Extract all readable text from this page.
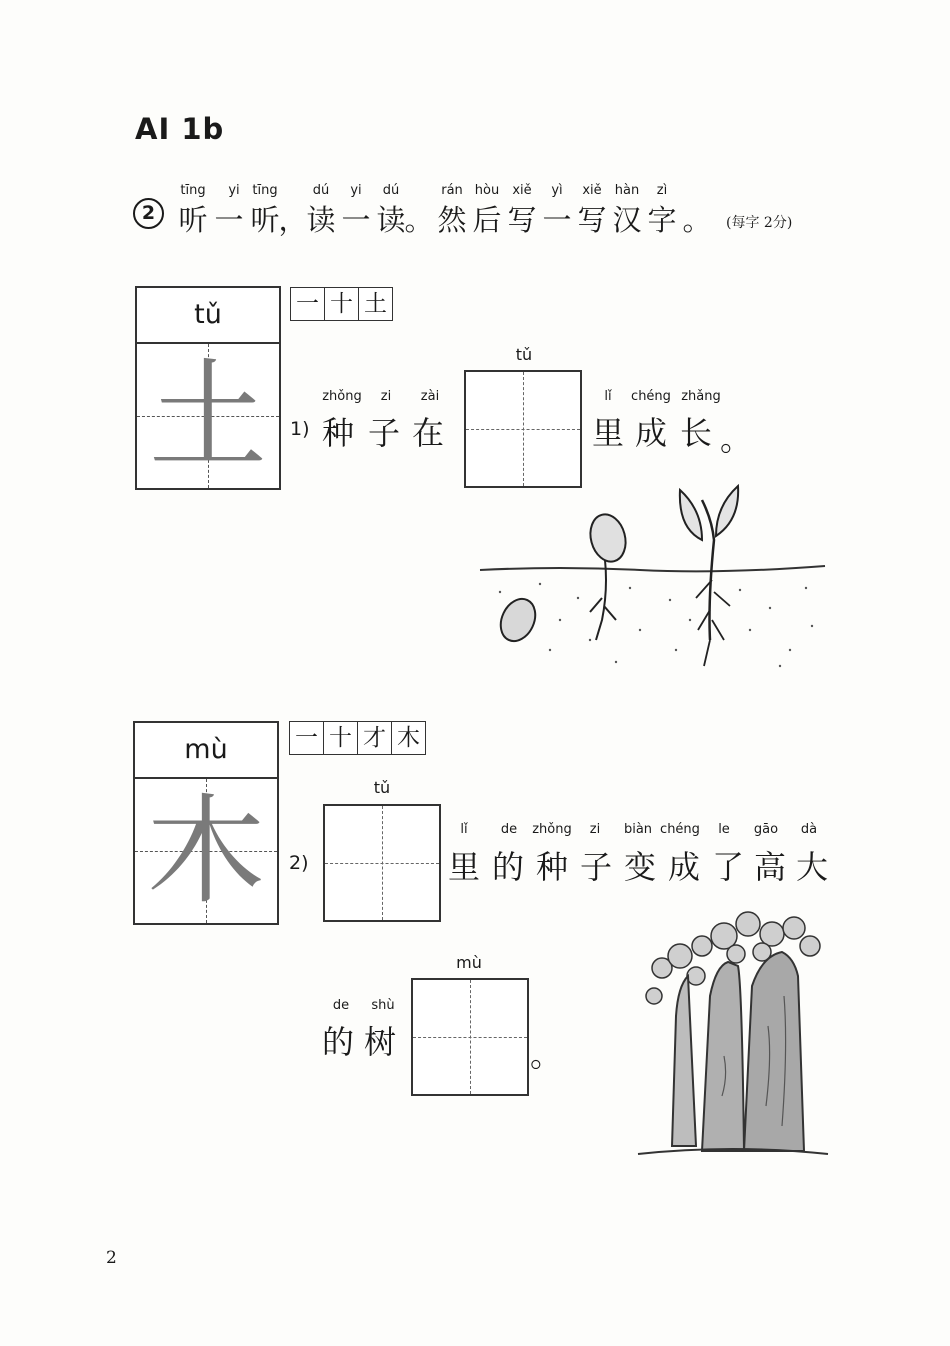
AI 1b
2
tīng	yi tīng
听 一 听
，
dú	yi	dú
读 一 读
。
rán hòu	xiě	yì	xiě	hàn	zì
然 后 写 一 写 汉 字 。 (每字 2分)
tǔ
土
一 十 土
1)
zhǒng	zi	zài
种 子 在
tǔ
lǐ	chéng zhǎng
里 成 长 。
mù
木
一 十 才 木
2)
tǔ
lǐ	de	zhǒng	zi	biàn chéng	le	gāo	dà
里 的 种 子 变 成 了 高 大
de	shù
的 树
mù
。
2
